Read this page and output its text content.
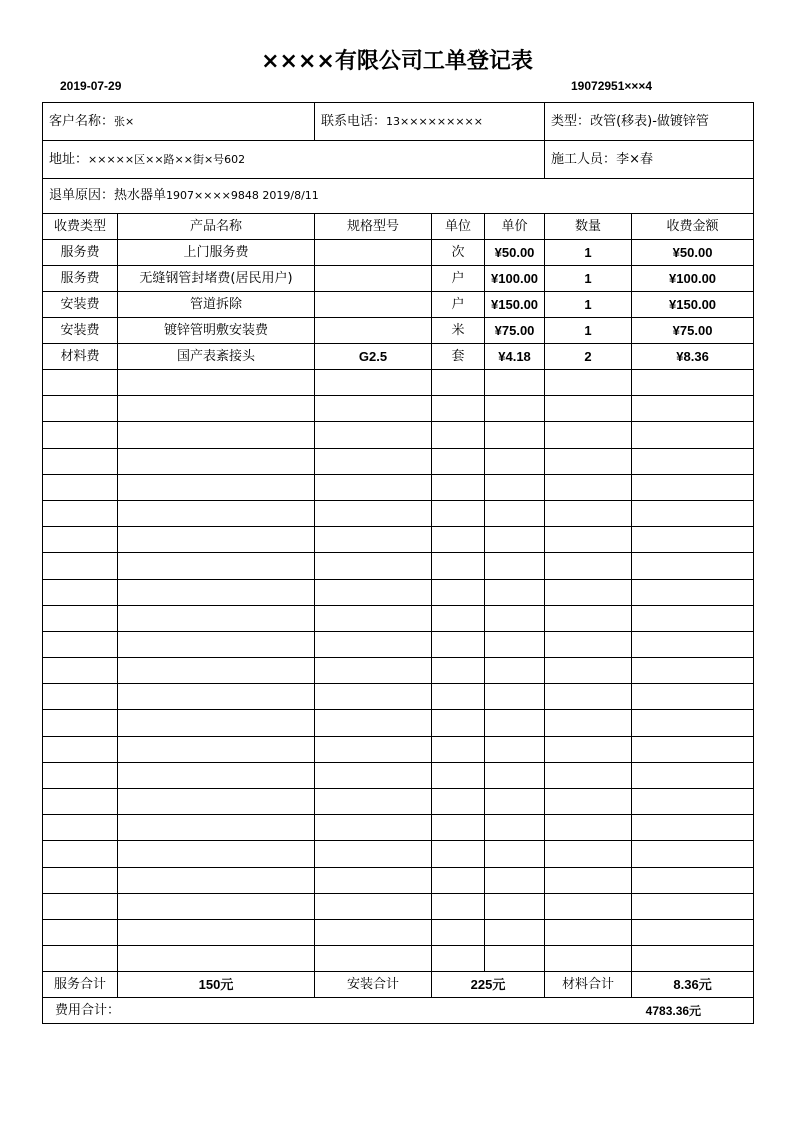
××××有限公司工单登记表
2019-07-29	19072951×××4
客户名称：张×		联系电话：13×××××××××			类型：改管(移表)-做镀锌管	
地址：×××××区××路××街×号602					施工人员：李×春	
退单原因：热水器单1907××××9848 2019/8/11						
收费类型	产品名称	规格型号	单位	单价	数量	收费金额
服务费	上门服务费		次	¥50.00	1	¥50.00
服务费	无缝钢管封堵费(居民用户)		户	¥100.00	1	¥100.00
安装费	管道拆除		户	¥150.00	1	¥150.00
安装费	镀锌管明敷安装费		米	¥75.00	1	¥75.00
材料费	国产表紊接头	G2.5	套	¥4.18	2	¥8.36

服务合计	150元	安装合计	225元		材料合计	8.36元

费用合计： 4783.36元						
